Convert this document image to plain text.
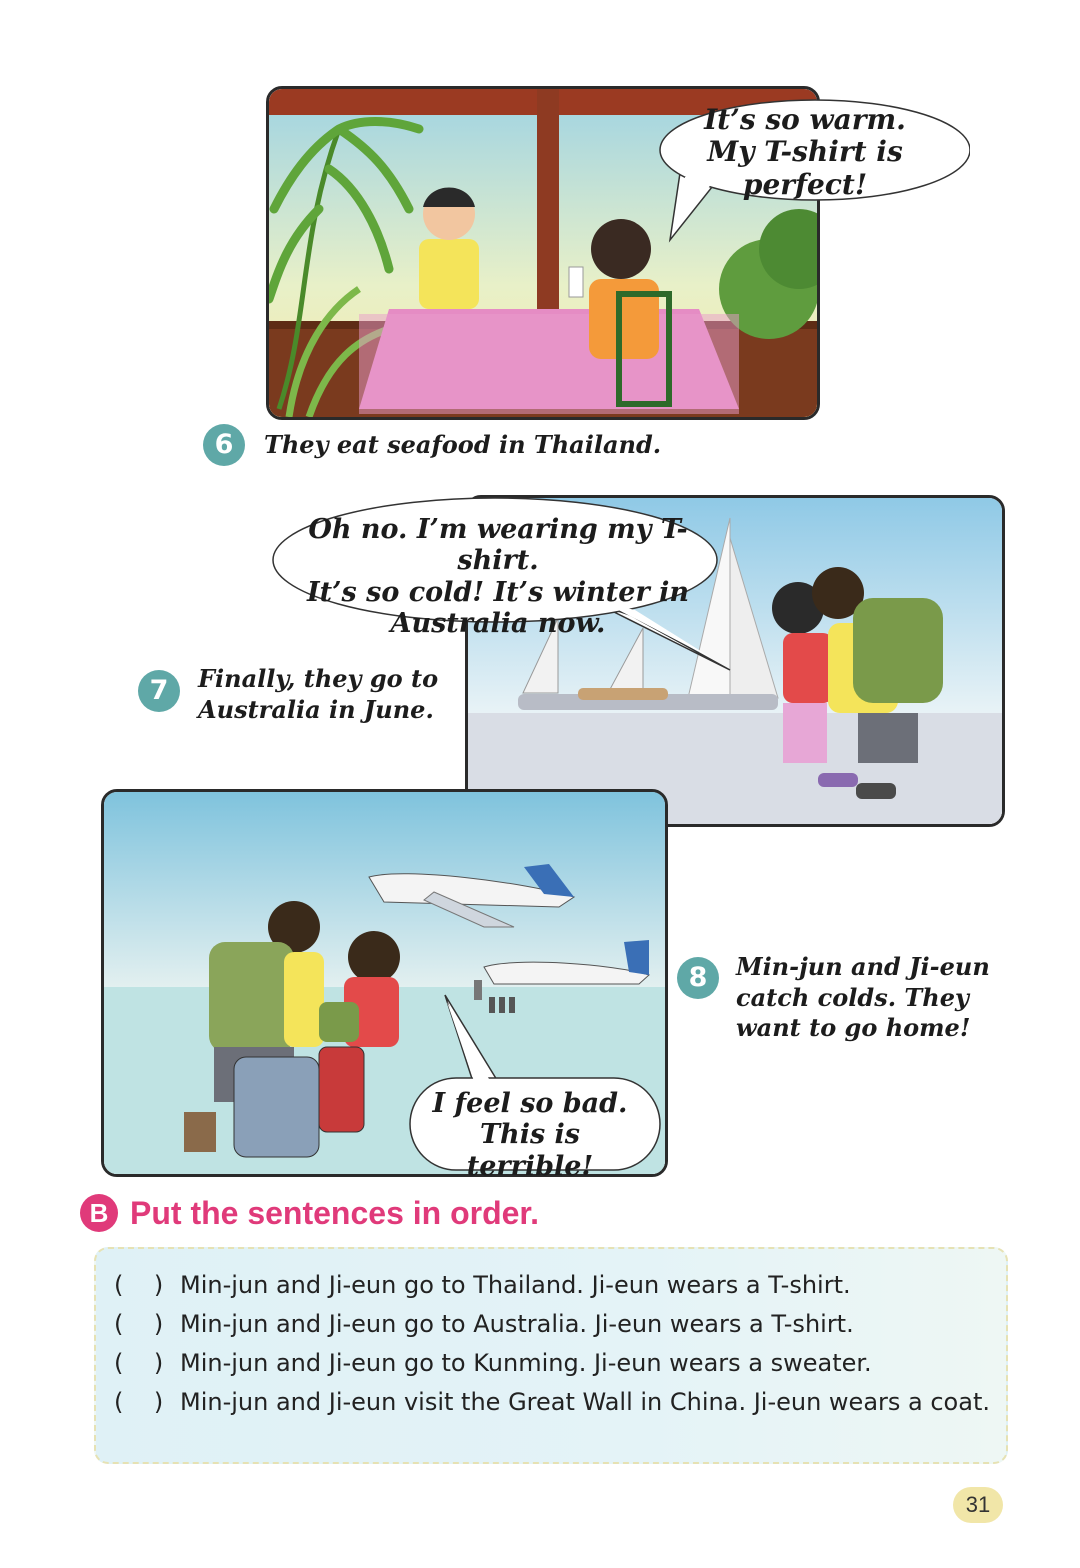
It’s so warm.
My T-shirt is perfect!
6	They eat seafood in Thailand.
Oh no. I’m wearing my T-shirt.
It’s so cold! It’s winter in
Australia now.
7	Finally, they go to
Australia in June.
I feel so bad.
This is terrible!
8	Min-jun and Ji-eun
catch colds. They
want to go home!
B Put the sentences in order.
(    ) Min-jun and Ji-eun go to Thailand. Ji-eun wears a T-shirt.
(    ) Min-jun and Ji-eun go to Australia. Ji-eun wears a T-shirt.
(    ) Min-jun and Ji-eun go to Kunming. Ji-eun wears a sweater.
(    ) Min-jun and Ji-eun visit the Great Wall in China. Ji-eun wears a coat.
31
